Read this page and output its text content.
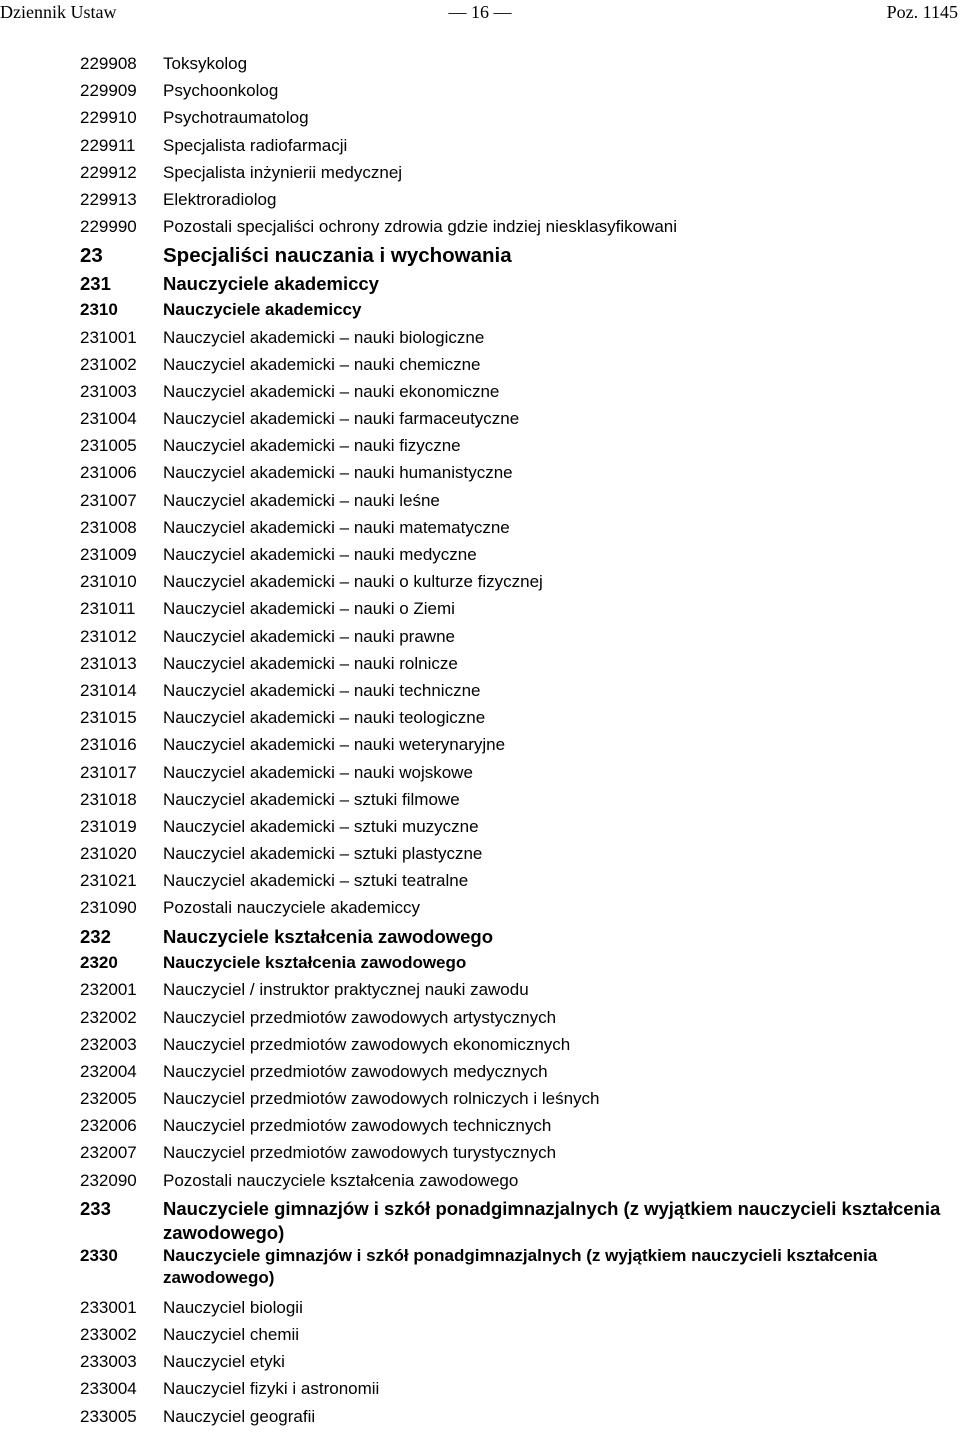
Dziennik Ustaw	— 16 —	Poz. 1145
229908	Toksykolog
229909	Psychoonkolog
229910	Psychotraumatolog
229911	Specjalista radiofarmacji
229912	Specjalista inżynierii medycznej
229913	Elektroradiolog
229990	Pozostali specjaliści ochrony zdrowia gdzie indziej niesklasyfikowani
23	Specjaliści nauczania i wychowania
231	Nauczyciele akademiccy
2310	Nauczyciele akademiccy
231001	Nauczyciel akademicki – nauki biologiczne
231002	Nauczyciel akademicki – nauki chemiczne
231003	Nauczyciel akademicki – nauki ekonomiczne
231004	Nauczyciel akademicki – nauki farmaceutyczne
231005	Nauczyciel akademicki – nauki fizyczne
231006	Nauczyciel akademicki – nauki humanistyczne
231007	Nauczyciel akademicki – nauki leśne
231008	Nauczyciel akademicki – nauki matematyczne
231009	Nauczyciel akademicki – nauki medyczne
231010	Nauczyciel akademicki – nauki o kulturze fizycznej
231011	Nauczyciel akademicki – nauki o Ziemi
231012	Nauczyciel akademicki – nauki prawne
231013	Nauczyciel akademicki – nauki rolnicze
231014	Nauczyciel akademicki – nauki techniczne
231015	Nauczyciel akademicki – nauki teologiczne
231016	Nauczyciel akademicki – nauki weterynaryjne
231017	Nauczyciel akademicki – nauki wojskowe
231018	Nauczyciel akademicki – sztuki filmowe
231019	Nauczyciel akademicki – sztuki muzyczne
231020	Nauczyciel akademicki – sztuki plastyczne
231021	Nauczyciel akademicki – sztuki teatralne
231090	Pozostali nauczyciele akademiccy
232	Nauczyciele kształcenia zawodowego
2320	Nauczyciele kształcenia zawodowego
232001	Nauczyciel / instruktor praktycznej nauki zawodu
232002	Nauczyciel przedmiotów zawodowych artystycznych
232003	Nauczyciel przedmiotów zawodowych ekonomicznych
232004	Nauczyciel przedmiotów zawodowych medycznych
232005	Nauczyciel przedmiotów zawodowych rolniczych i leśnych
232006	Nauczyciel przedmiotów zawodowych technicznych
232007	Nauczyciel przedmiotów zawodowych turystycznych
232090	Pozostali nauczyciele kształcenia zawodowego
233	Nauczyciele gimnazjów i szkół ponadgimnazjalnych (z wyjątkiem nauczycieli kształcenia zawodowego)
2330	Nauczyciele gimnazjów i szkół ponadgimnazjalnych (z wyjątkiem nauczycieli kształcenia zawodowego)
233001	Nauczyciel biologii
233002	Nauczyciel chemii
233003	Nauczyciel etyki
233004	Nauczyciel fizyki i astronomii
233005	Nauczyciel geografii
